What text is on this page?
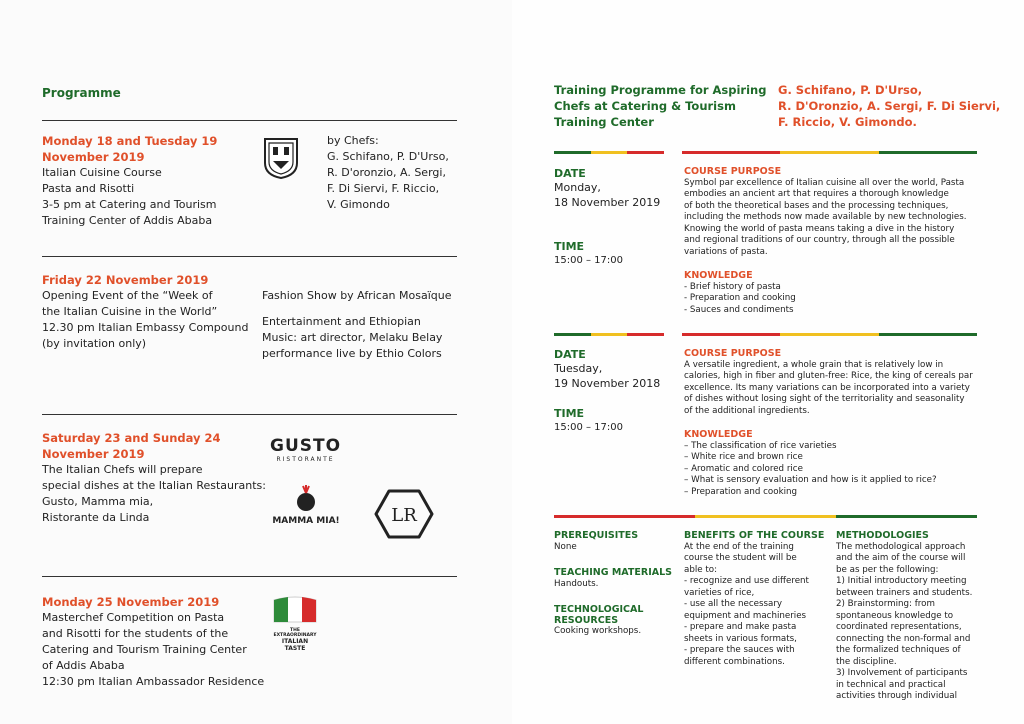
Programme
Monday 18 and Tuesday 19
November 2019
Italian Cuisine Course
Pasta and Risotti
3-5 pm at Catering and Tourism
Training Center of Addis Ababa
by Chefs:
G. Schifano, P. D'Urso,
R. D'oronzio, A. Sergi,
F. Di Siervi, F. Riccio,
V. Gimondo
Friday 22 November 2019
Opening Event of the “Week of
the Italian Cuisine in the World”
12.30 pm Italian Embassy Compound
(by invitation only)
Fashion Show by African Mosaïque
Entertainment and Ethiopian
Music: art director, Melaku Belay
performance live by Ethio Colors
Saturday 23 and Sunday 24
November 2019
The Italian Chefs will prepare
special dishes at the Italian Restaurants:
Gusto, Mamma mia,
Ristorante da Linda
GUSTO
RISTORANTE
MAMMA MIA!	LR
Monday 25 November 2019
Masterchef Competition on Pasta
and Risotti for the students of the
Catering and Tourism Training Center
of Addis Ababa
12:30 pm Italian Ambassador Residence
THE EXTRAORDINARY
ITALIAN TASTE
Training Programme for Aspiring
Chefs at Catering & Tourism
Training Center
G. Schifano, P. D'Urso,
R. D'Oronzio, A. Sergi, F. Di Siervi,
F. Riccio, V. Gimondo.
DATE
Monday,
18 November 2019
TIME
15:00 – 17:00
COURSE PURPOSE
Symbol par excellence of Italian cuisine all over the world, Pasta
embodies an ancient art that requires a thorough knowledge
of both the theoretical bases and the processing techniques,
including the methods now made available by new technologies.
Knowing the world of pasta means taking a dive in the history
and regional traditions of our country, through all the possible
variations of pasta.
KNOWLEDGE
- Brief history of pasta
- Preparation and cooking
- Sauces and condiments
DATE
Tuesday,
19 November 2018
TIME
15:00 – 17:00
COURSE PURPOSE
A versatile ingredient, a whole grain that is relatively low in
calories, high in fiber and gluten-free: Rice, the king of cereals par
excellence. Its many variations can be incorporated into a variety
of dishes without losing sight of the territoriality and seasonality
of the additional ingredients.
KNOWLEDGE
– The classification of rice varieties
– White rice and brown rice
– Aromatic and colored rice
– What is sensory evaluation and how is it applied to rice?
– Preparation and cooking
PREREQUISITES
None
TEACHING MATERIALS
Handouts.
TECHNOLOGICAL
RESOURCES
Cooking workshops.
BENEFITS OF THE COURSE
At the end of the training
course the student will be
able to:
- recognize and use different
varieties of rice,
- use all the necessary
equipment and machineries
- prepare and make pasta
sheets in various formats,
- prepare the sauces with
different combinations.
METHODOLOGIES
The methodological approach
and the aim of the course will
be as per the following:
1) Initial introductory meeting
between trainers and students.
2) Brainstorming: from
spontaneous knowledge to
coordinated representations,
connecting the non-formal and
the formalized techniques of
the discipline.
3) Involvement of participants
in technical and practical
activities through individual
